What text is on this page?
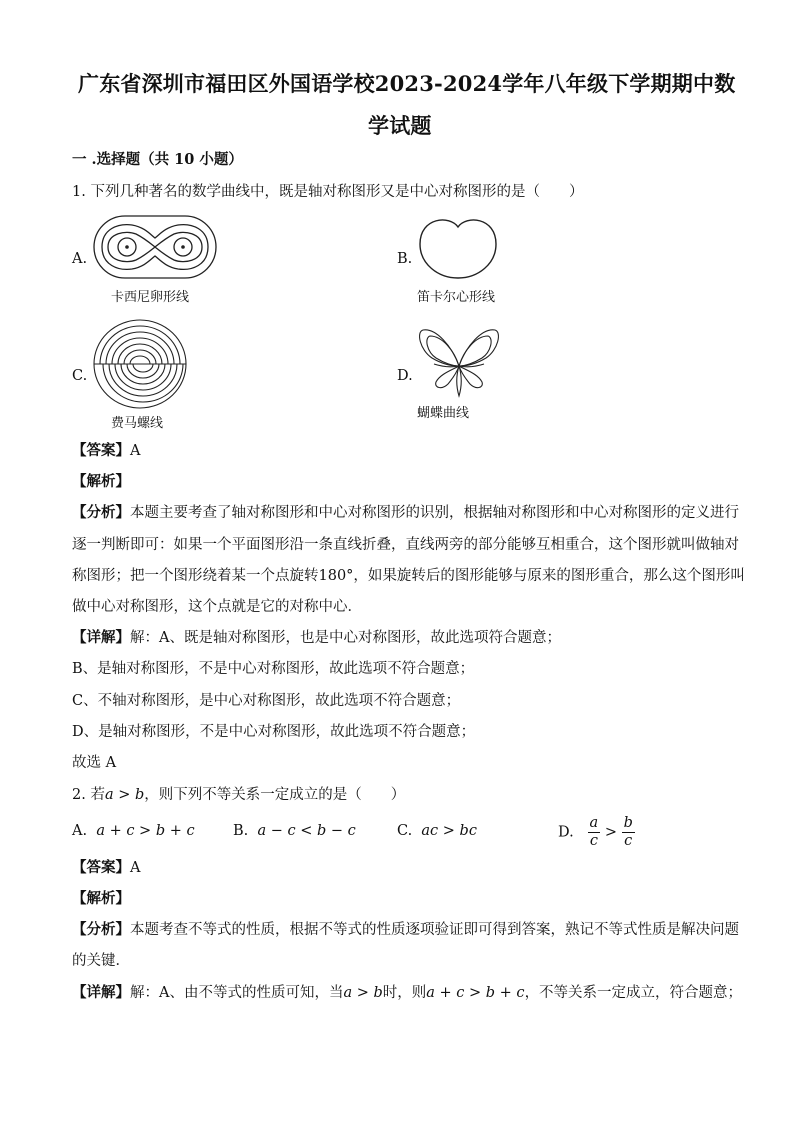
广东省深圳市福田区外国语学校2023-2024学年八年级下学期期中数
学试题
一 .选择题（共 10 小题）
1. 下列几种著名的数学曲线中，既是轴对称图形又是中心对称图形的是（　　）
A.
卡西尼卵形线
B.
笛卡尔心形线
C.
费马螺线
D.
蝴蝶曲线
【答案】A
【解析】
【分析】本题主要考查了轴对称图形和中心对称图形的识别，根据轴对称图形和中心对称图形的定义进行
逐一判断即可：如果一个平面图形沿一条直线折叠，直线两旁的部分能够互相重合，这个图形就叫做轴对
称图形；把一个图形绕着某一个点旋转180°，如果旋转后的图形能够与原来的图形重合，那么这个图形叫
做中心对称图形，这个点就是它的对称中心．
【详解】解：A、既是轴对称图形，也是中心对称图形，故此选项符合题意；
B、是轴对称图形，不是中心对称图形，故此选项不符合题意；
C、不轴对称图形，是中心对称图形，故此选项不符合题意；
D、是轴对称图形，不是中心对称图形，故此选项不符合题意；
故选 A
2. 若a > b，则下列不等关系一定成立的是（　　）
A. a + c > b + c	B. a − c < b − c	C. ac > bc	D. $\frac{a}{c} > \frac{b}{c}$
【答案】A
【解析】
【分析】本题考查不等式的性质，根据不等式的性质逐项验证即可得到答案，熟记不等式性质是解决问题
的关键．
【详解】解：A、由不等式的性质可知，当a > b时，则a + c > b + c，不等关系一定成立，符合题意；
